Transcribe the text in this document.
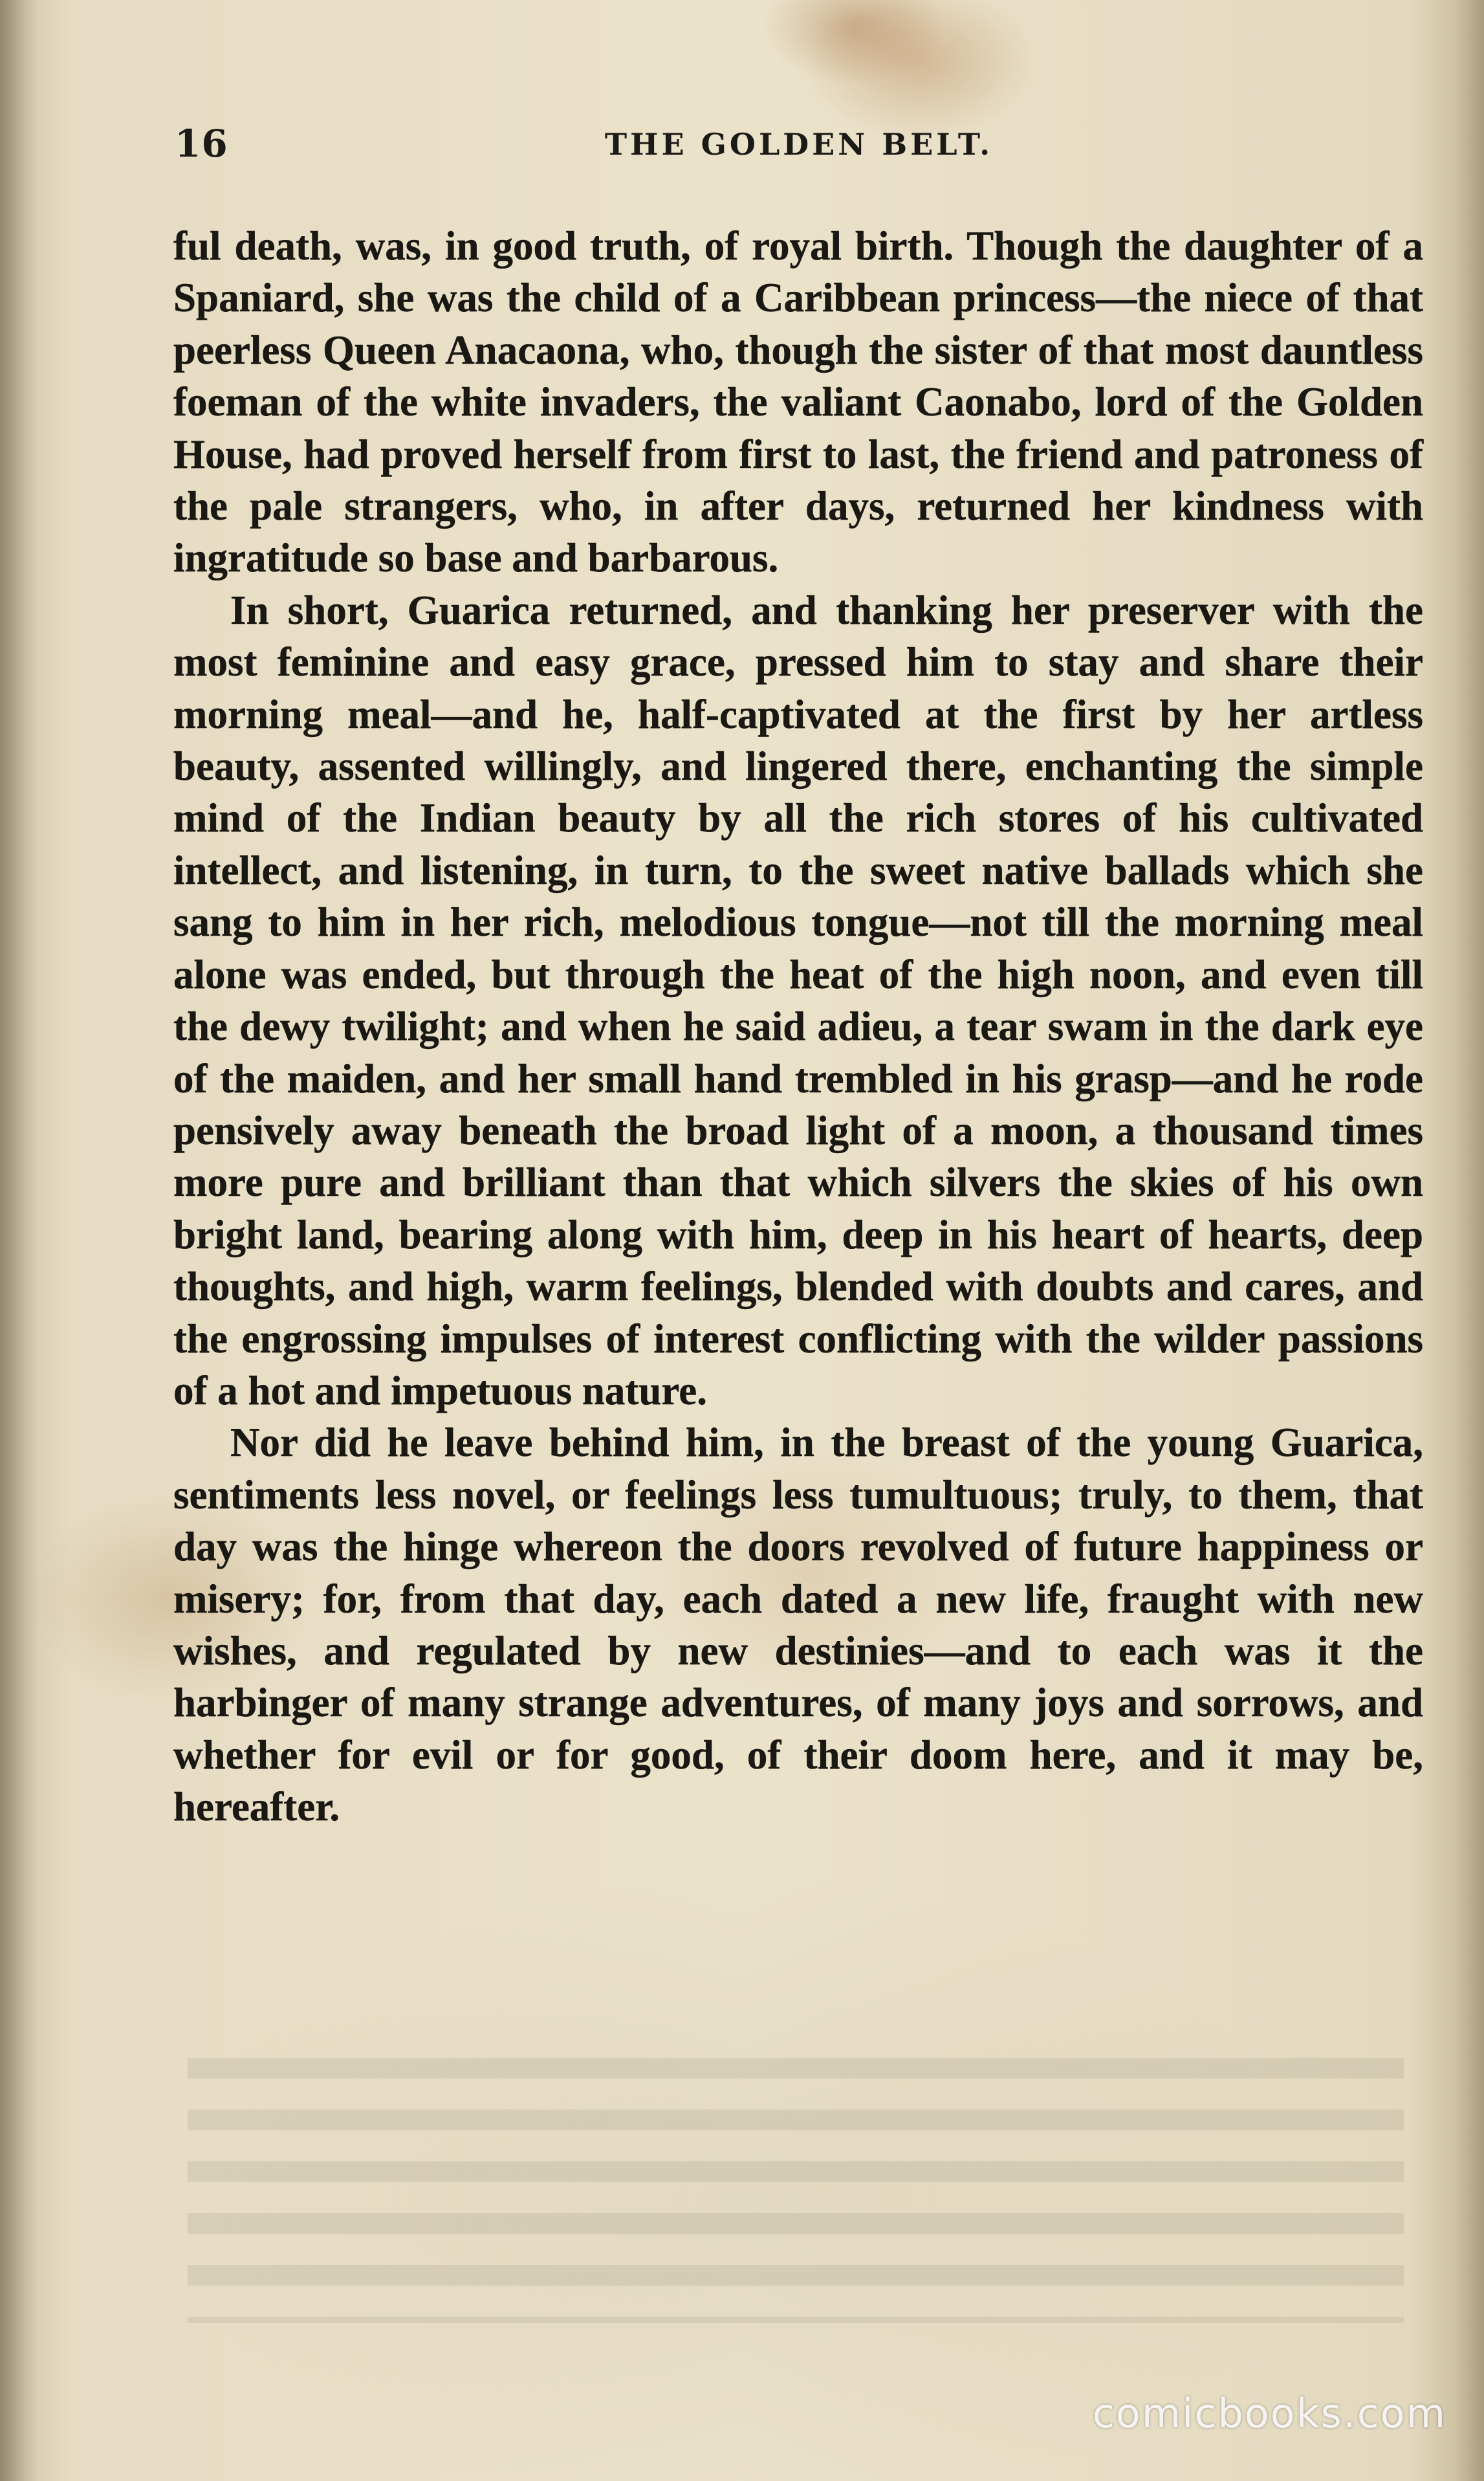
16	THE GOLDEN BELT.

ful death, was, in good truth, of royal birth. Though the daughter of a Spaniard, she was the child of a Caribbean princess—the niece of that peerless Queen Anacaona, who, though the sister of that most dauntless foeman of the white invaders, the valiant Caonabo, lord of the Golden House, had proved herself from first to last, the friend and patroness of the pale strangers, who, in after days, returned her kindness with ingratitude so base and barbarous.

In short, Guarica returned, and thanking her preserver with the most feminine and easy grace, pressed him to stay and share their morning meal—and he, half-captivated at the first by her artless beauty, assented willingly, and lingered there, enchanting the simple mind of the Indian beauty by all the rich stores of his cultivated intellect, and listening, in turn, to the sweet native ballads which she sang to him in her rich, melodious tongue—not till the morning meal alone was ended, but through the heat of the high noon, and even till the dewy twilight; and when he said adieu, a tear swam in the dark eye of the maiden, and her small hand trembled in his grasp—and he rode pensively away beneath the broad light of a moon, a thousand times more pure and brilliant than that which silvers the skies of his own bright land, bearing along with him, deep in his heart of hearts, deep thoughts, and high, warm feelings, blended with doubts and cares, and the engrossing impulses of interest conflicting with the wilder passions of a hot and impetuous nature.

Nor did he leave behind him, in the breast of the young Guarica, sentiments less novel, or feelings less tumultuous; truly, to them, that day was the hinge whereon the doors revolved of future happiness or misery; for, from that day, each dated a new life, fraught with new wishes, and regulated by new destinies—and to each was it the harbinger of many strange adventures, of many joys and sorrows, and whether for evil or for good, of their doom here, and it may be, hereafter.

comicbooks.com
